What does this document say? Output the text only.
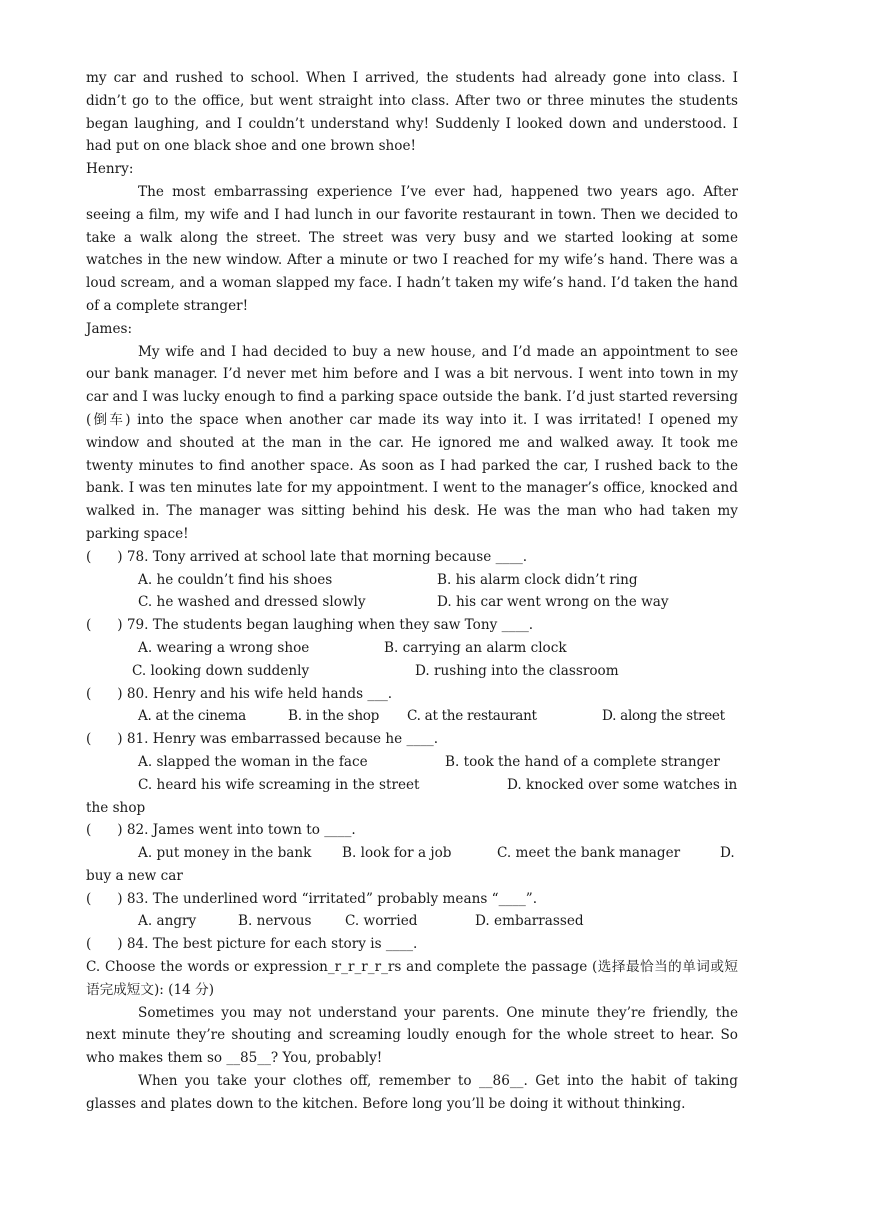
my car and rushed to school. When I arrived, the students had already gone into class. I didn’t go to the office, but went straight into class. After two or three minutes the students began laughing, and I couldn’t understand why! Suddenly I looked down and understood. I had put on one black shoe and one brown shoe!

Henry:

The most embarrassing experience I’ve ever had, happened two years ago. After seeing a film, my wife and I had lunch in our favorite restaurant in town. Then we decided to take a walk along the street. The street was very busy and we started looking at some watches in the new window. After a minute or two I reached for my wife’s hand. There was a loud scream, and a woman slapped my face. I hadn’t taken my wife’s hand. I’d taken the hand of a complete stranger!

James:

My wife and I had decided to buy a new house, and I’d made an appointment to see our bank manager. I’d never met him before and I was a bit nervous. I went into town in my car and I was lucky enough to find a parking space outside the bank. I’d just started reversing (倒车) into the space when another car made its way into it. I was irritated! I opened my window and shouted at the man in the car. He ignored me and walked away. It took me twenty minutes to find another space. As soon as I had parked the car, I rushed back to the bank. I was ten minutes late for my appointment. I went to the manager’s office, knocked and walked in. The manager was sitting behind his desk. He was the man who had taken my parking space!

(      ) 78. Tony arrived at school late that morning because ____.

A. he couldn’t find his shoes	B. his alarm clock didn’t ring
C. he washed and dressed slowly	D. his car went wrong on the way

(      ) 79. The students began laughing when they saw Tony ____.

A. wearing a wrong shoe	B. carrying an alarm clock
C. looking down suddenly	D. rushing into the classroom

(      ) 80. Henry and his wife held hands ___.

A. at the cinema	B. in the shop	C. at the restaurant	D. along the street

(      ) 81. Henry was embarrassed because he ____.

A. slapped the woman in the face	B. took the hand of a complete stranger
C. heard his wife screaming in the street	D. knocked over some watches in

the shop

(      ) 82. James went into town to ____.

A. put money in the bank	B. look for a job	C. meet the bank manager	D.

buy a new car

(      ) 83. The underlined word “irritated” probably means “____”.

A. angry	B. nervous	C. worried	D. embarrassed

(      ) 84. The best picture for each story is ____.

C. Choose the words or expression_r_r_r_r_rs and complete the passage (选择最恰当的单词或短语完成短文): (14 分)

Sometimes you may not understand your parents. One minute they’re friendly, the next minute they’re shouting and screaming loudly enough for the whole street to hear. So who makes them so __85__? You, probably!

When you take your clothes off, remember to __86__. Get into the habit of taking glasses and plates down to the kitchen. Before long you’ll be doing it without thinking.
